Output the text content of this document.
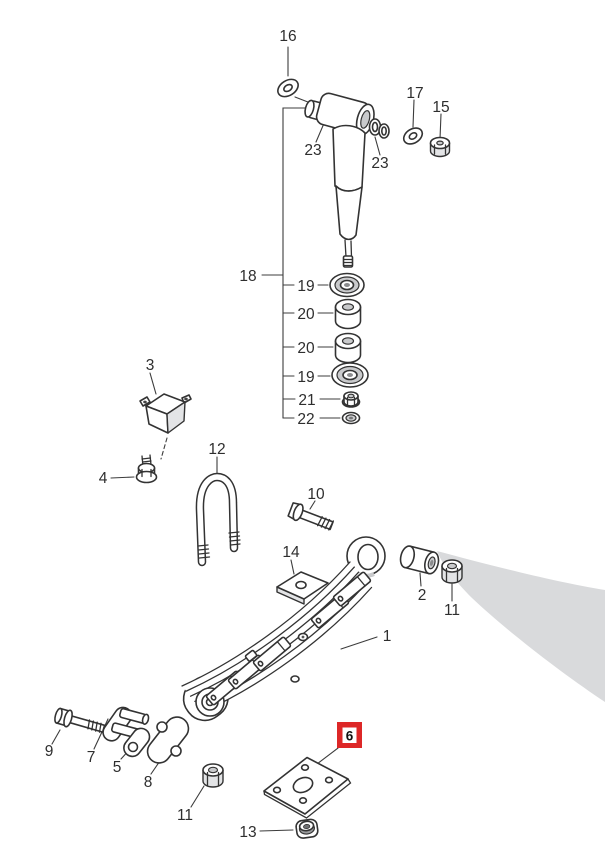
16
23
23
17
15
18
19
20
20
19
21
22
3
4
12
10
14
1
2
11
9 7
5
8
11
13
6
